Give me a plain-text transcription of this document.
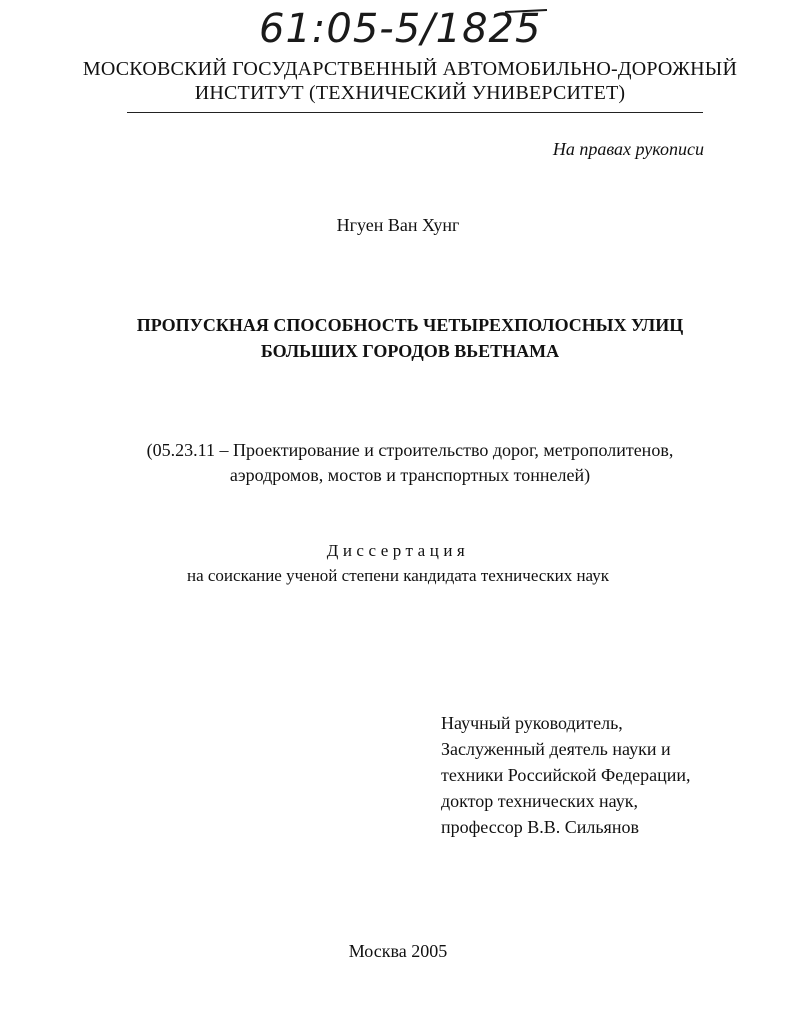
61:05-5/1825
МОСКОВСКИЙ ГОСУДАРСТВЕННЫЙ АВТОМОБИЛЬНО-ДОРОЖНЫЙ
ИНСТИТУТ (ТЕХНИЧЕСКИЙ УНИВЕРСИТЕТ)
На правах рукописи
Нгуен Ван Хунг
ПРОПУСКНАЯ СПОСОБНОСТЬ ЧЕТЫРЕХПОЛОСНЫХ УЛИЦ
БОЛЬШИХ ГОРОДОВ ВЬЕТНАМА
(05.23.11 – Проектирование и строительство дорог, метрополитенов,
аэродромов, мостов и транспортных тоннелей)
Диссертация
на соискание ученой степени кандидата технических наук
Научный руководитель,
Заслуженный деятель науки и
техники Российской Федерации,
доктор технических наук,
профессор В.В. Сильянов
Москва 2005
